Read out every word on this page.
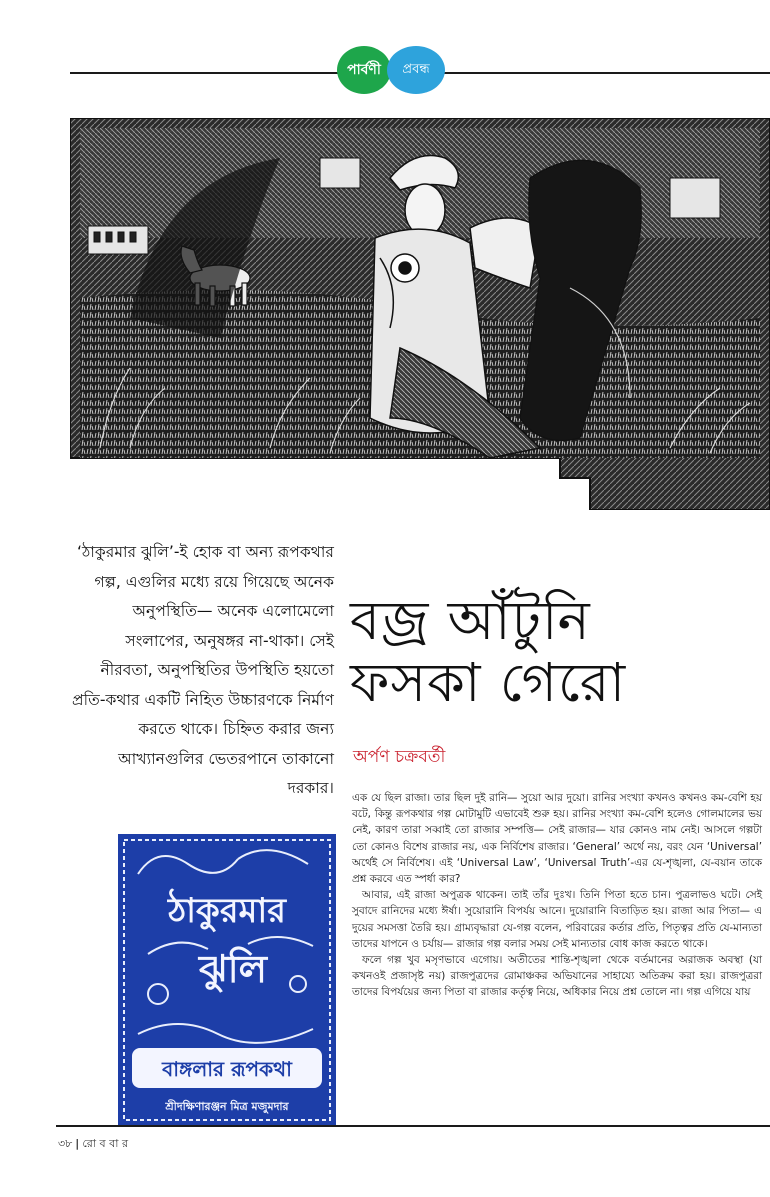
পার্বণী	প্রবন্ধ
‘ঠাকুরমার ঝুলি’-ই হোক বা অন্য রূপকথার গল্প, এগুলির মধ্যে রয়ে গিয়েছে অনেক অনুপস্থিতি— অনেক এলোমেলো সংলাপের, অনুষঙ্গর না-থাকা। সেই নীরবতা, অনুপস্থিতির উপস্থিতি হয়তো প্রতি-কথার একটি নিহিত উচ্চারণকে নির্মাণ করতে থাকে। চিহ্নিত করার জন্য আখ্যানগুলির ভেতরপানে তাকানো দরকার।
বজ্র আঁটুনি
ফসকা গেরো
অর্পণ চক্রবর্তী

এক যে ছিল রাজা। তার ছিল দুই রানি— সুয়ো আর দুয়ো। রানির সংখ্যা কখনও কখনও কম-বেশি হয় বটে, কিন্তু রূপকথার গল্প মোটামুটি এভাবেই শুরু হয়। রানির সংখ্যা কম-বেশি হলেও গোলমালের ভয় নেই, কারণ তারা সব্বাই তো রাজার সম্পত্তি— সেই রাজার— যার কোনও নাম নেই। আসলে গল্পটা তো কোনও বিশেষ রাজার নয়, এক নির্বিশেষ রাজার। ‘General’ অর্থে নয়, বরং যেন ‘Universal’ অর্থেই সে নির্বিশেষ। এই ‘Universal Law’, ‘Universal Truth’-এর যে-শৃঙ্খলা, যে-বয়ান তাকে প্রশ্ন করবে এত স্পর্ধা কার?

আবার, এই রাজা অপুত্রক থাকেন। তাই তাঁর দুঃখ। তিনি পিতা হতে চান। পুত্রলাভও ঘটে। সেই সুবাদে রানিদের মধ্যে ঈর্ষা। সুয়োরানি বিপর্যয় আনে। দুয়োরানি বিতাড়িত হয়। রাজা আর পিতা— এ দুয়ের সমসত্তা তৈরি হয়। গ্রাম্যবৃদ্ধারা যে-গল্প বলেন, পরিবারের কর্তার প্রতি, পিতৃত্বর প্রতি যে-মান্যতা তাদের যাপনে ও চর্যায়— রাজার গল্প বলার সময় সেই মান্যতার বোধ কাজ করতে থাকে।

ফলে গল্প খুব মসৃণভাবে এগোয়। অতীতের শান্তি-শৃঙ্খলা থেকে বর্তমানের অরাজক অবস্থা (যা কখনওই প্রজাসৃষ্ট নয়) রাজপুত্রদের রোমাঞ্চকর অভিযানের সাহায্যে অতিক্রম করা হয়। রাজপুত্ররা তাদের বিপর্যয়ের জন্য পিতা বা রাজার কর্তৃত্ব নিয়ে, অধিকার নিয়ে প্রশ্ন তোলে না। গল্প এগিয়ে যায়

ঠাকুরমার
ঝুলি
বাঙ্গলার রূপকথা
শ্রীদক্ষিণারঞ্জন মিত্র মজুমদার
৩৮ | রো ব বা র
